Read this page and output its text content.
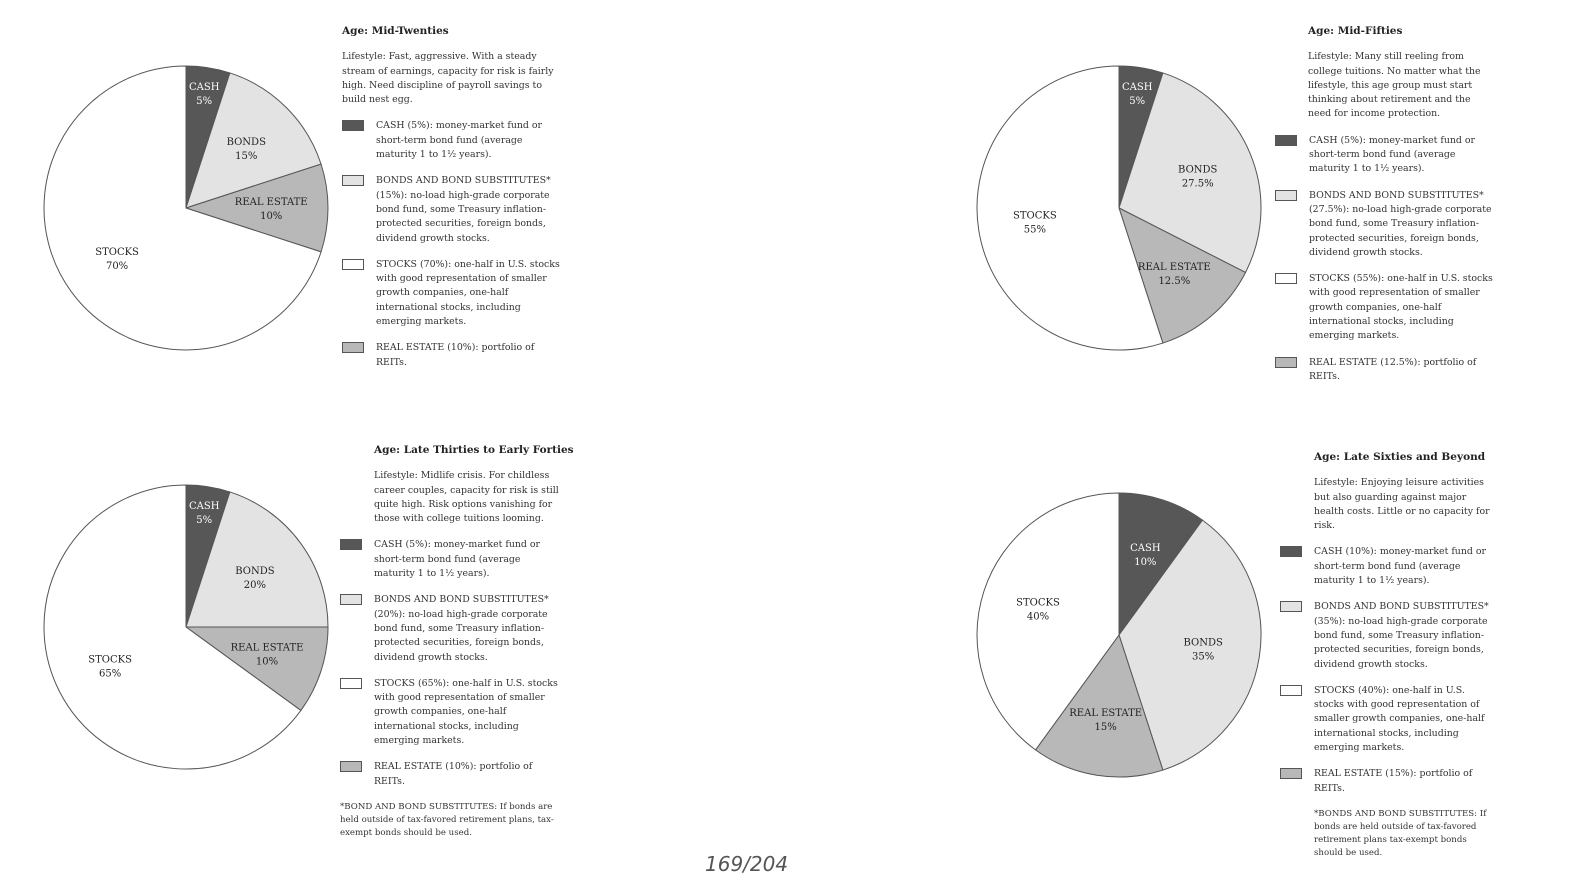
CASH
5%
BONDS
15%
REAL ESTATE
10%
STOCKS
70%
Age: Mid-Twenties
Lifestyle: Fast, aggressive. With a steady stream of earnings, capacity for risk is fairly high. Need discipline of payroll savings to build nest egg.
CASH (5%): money-market fund or short-term bond fund (average maturity 1 to 1½ years).
BONDS AND BOND SUBSTITUTES* (15%): no-load high-grade corporate bond fund, some Treasury inflation-protected securities, foreign bonds, dividend growth stocks.
STOCKS (70%): one-half in U.S. stocks with good representation of smaller growth companies, one-half international stocks, including emerging markets.
REAL ESTATE (10%): portfolio of REITs.
CASH
5%
BONDS
27.5%
REAL ESTATE
12.5%
STOCKS
55%
Age: Mid-Fifties
Lifestyle: Many still reeling from college tuitions. No matter what the lifestyle, this age group must start thinking about retirement and the need for income protection.
CASH (5%): money-market fund or short-term bond fund (average maturity 1 to 1½ years).
BONDS AND BOND SUBSTITUTES* (27.5%): no-load high-grade corporate bond fund, some Treasury inflation-protected securities, foreign bonds, dividend growth stocks.
STOCKS (55%): one-half in U.S. stocks with good representation of smaller growth companies, one-half international stocks, including emerging markets.
REAL ESTATE (12.5%): portfolio of REITs.
CASH
5%
BONDS
20%
REAL ESTATE
10%
STOCKS
65%
Age: Late Thirties to Early Forties
Lifestyle: Midlife crisis. For childless career couples, capacity for risk is still quite high. Risk options vanishing for those with college tuitions looming.
CASH (5%): money-market fund or short-term bond fund (average maturity 1 to 1½ years).
BONDS AND BOND SUBSTITUTES* (20%): no-load high-grade corporate bond fund, some Treasury inflation-protected securities, foreign bonds, dividend growth stocks.
STOCKS (65%): one-half in U.S. stocks with good representation of smaller growth companies, one-half international stocks, including emerging markets.
REAL ESTATE (10%): portfolio of REITs.
*BOND AND BOND SUBSTITUTES: If bonds are held outside of tax-favored retirement plans, tax-exempt bonds should be used.
CASH
10%
BONDS
35%
REAL ESTATE
15%
STOCKS
40%
Age: Late Sixties and Beyond
Lifestyle: Enjoying leisure activities but also guarding against major health costs. Little or no capacity for risk.
CASH (10%): money-market fund or short-term bond fund (average maturity 1 to 1½ years).
BONDS AND BOND SUBSTITUTES* (35%): no-load high-grade corporate bond fund, some Treasury inflation-protected securities, foreign bonds, dividend growth stocks.
STOCKS (40%): one-half in U.S. stocks with good representation of smaller growth companies, one-half international stocks, including emerging markets.
REAL ESTATE (15%): portfolio of REITs.
*BONDS AND BOND SUBSTITUTES: If bonds are held outside of tax-favored retirement plans tax-exempt bonds should be used.
169/204
